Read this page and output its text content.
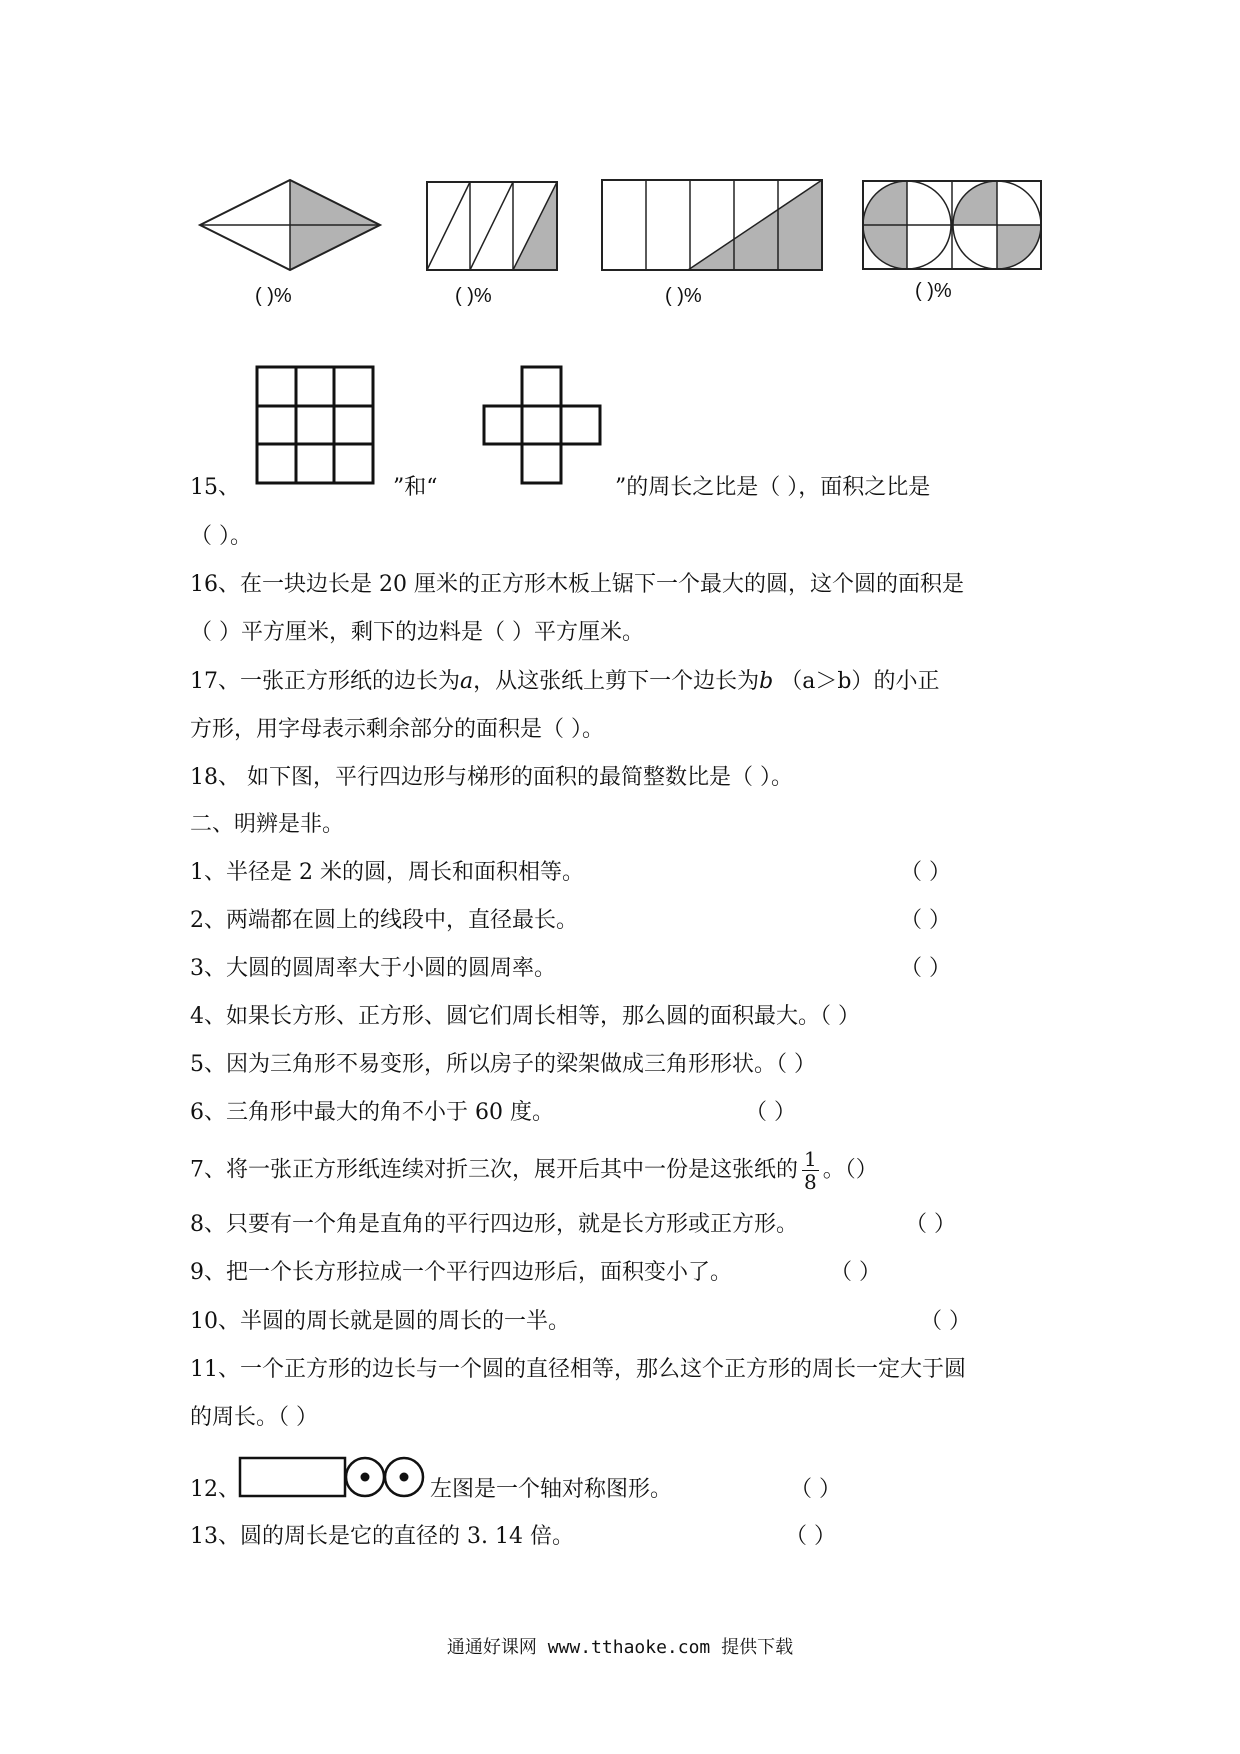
( )%	( )%	( )%	( )%
15、	”和“	”的周长之比是（ ），面积之比是
（ ）。
16、在一块边长是 20 厘米的正方形木板上锯下一个最大的圆，这个圆的面积是
（ ）平方厘米，剩下的边料是（ ）平方厘米。
17、一张正方形纸的边长为a，从这张纸上剪下一个边长为b （a＞b）的小正
方形，用字母表示剩余部分的面积是（ ）。
18、 如下图，平行四边形与梯形的面积的最简整数比是（ ）。
二、明辨是非。
1、半径是 2 米的圆，周长和面积相等。	（ ）
2、两端都在圆上的线段中，直径最长。	（ ）
3、大圆的圆周率大于小圆的圆周率。	（ ）
4、如果长方形、正方形、圆它们周长相等，那么圆的面积最大。（ ）
5、因为三角形不易变形，所以房子的梁架做成三角形形状。（ ）
6、三角形中最大的角不小于 60 度。	（ ）
7、将一张正方形纸连续对折三次，展开后其中一份是这张纸的 $\frac{1}{8}$ 。（）
8、只要有一个角是直角的平行四边形，就是长方形或正方形。	（ ）
9、把一个长方形拉成一个平行四边形后，面积变小了。	（ ）
10、半圆的周长就是圆的周长的一半。	（ ）
11、一个正方形的边长与一个圆的直径相等，那么这个正方形的周长一定大于圆
的周长。（ ）
12、	左图是一个轴对称图形。	（ ）
13、圆的周长是它的直径的 3. 14 倍。	（ ）
通通好课网 www.tthaoke.com 提供下载
